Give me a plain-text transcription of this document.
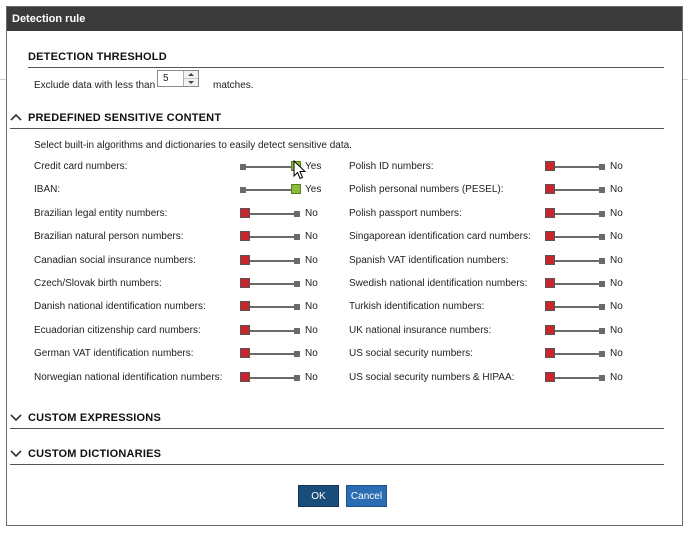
Detection rule
DETECTION THRESHOLD
Exclude data with less than
5
matches.
PREDEFINED SENSITIVE CONTENT
Select built-in algorithms and dictionaries to easily detect sensitive data.
Credit card numbers:	Yes
IBAN:	Yes
Brazilian legal entity numbers:	No
Brazilian natural person numbers:	No
Canadian social insurance numbers:	No
Czech/Slovak birth numbers:	No
Danish national identification numbers:	No
Ecuadorian citizenship card numbers:	No
German VAT identification numbers:	No
Norwegian national identification numbers:	No
Polish ID numbers:	No
Polish personal numbers (PESEL):	No
Polish passport numbers:	No
Singaporean identification card numbers:	No
Spanish VAT identification numbers:	No
Swedish national identification numbers:	No
Turkish identification numbers:	No
UK national insurance numbers:	No
US social security numbers:	No
US social security numbers & HIPAA:	No
CUSTOM EXPRESSIONS
CUSTOM DICTIONARIES
OK	Cancel
